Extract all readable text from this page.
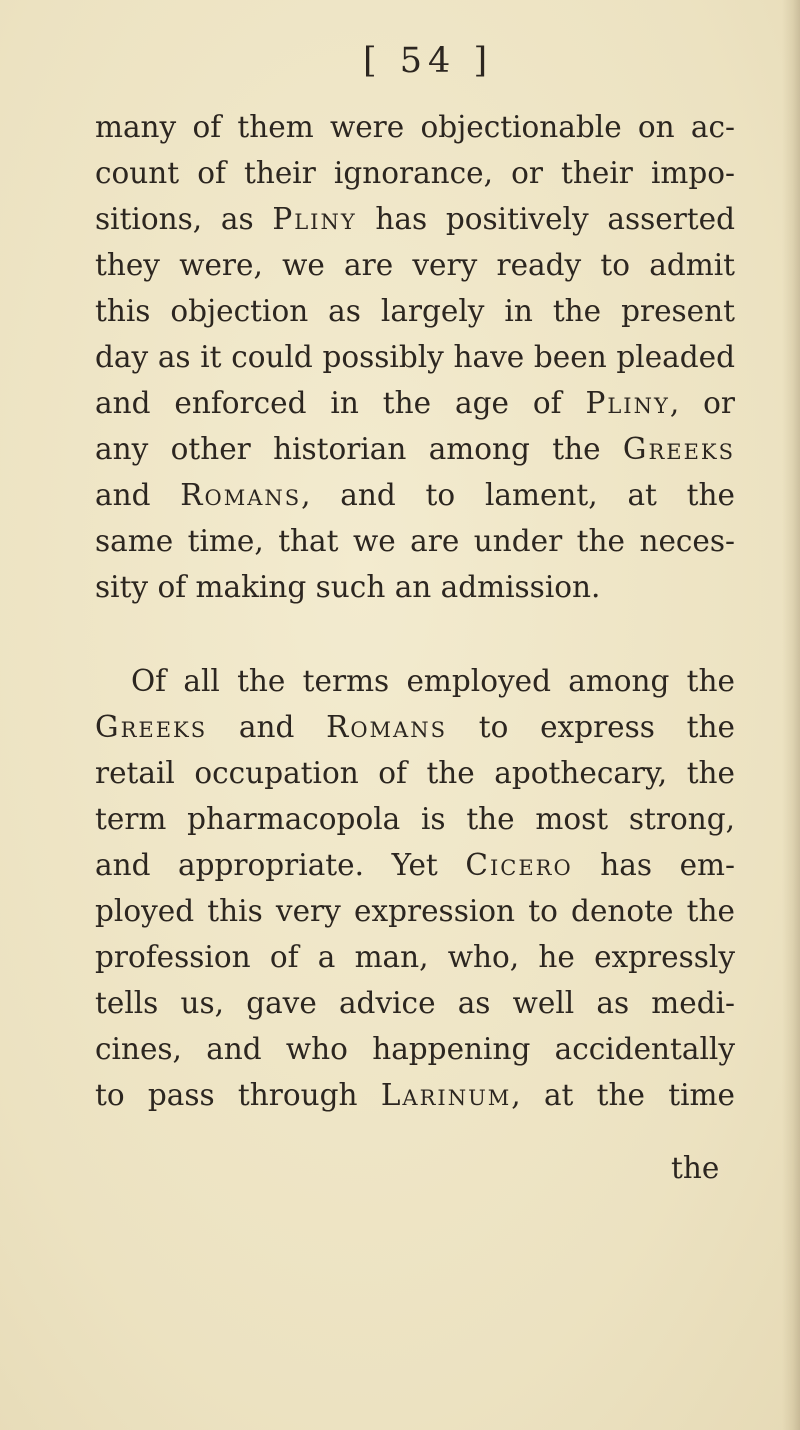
[ 54 ]
many of them were objectionable on ac-
count of their ignorance, or their impo-
sitions, as Pliny has positively asserted
they were, we are very ready to admit
this objection as largely in the present
day as it could possibly have been pleaded
and enforced in the age of Pliny, or
any other historian among the Greeks
and Romans, and to lament, at the
same time, that we are under the neces-
sity of making such an admission.
Of all the terms employed among the
Greeks and Romans to express the
retail occupation of the apothecary, the
term pharmacopola is the most strong,
and appropriate. Yet Cicero has em-
ployed this very expression to denote the
profession of a man, who, he expressly
tells us, gave advice as well as medi-
cines, and who happening accidentally
to pass through Larinum, at the time
the
